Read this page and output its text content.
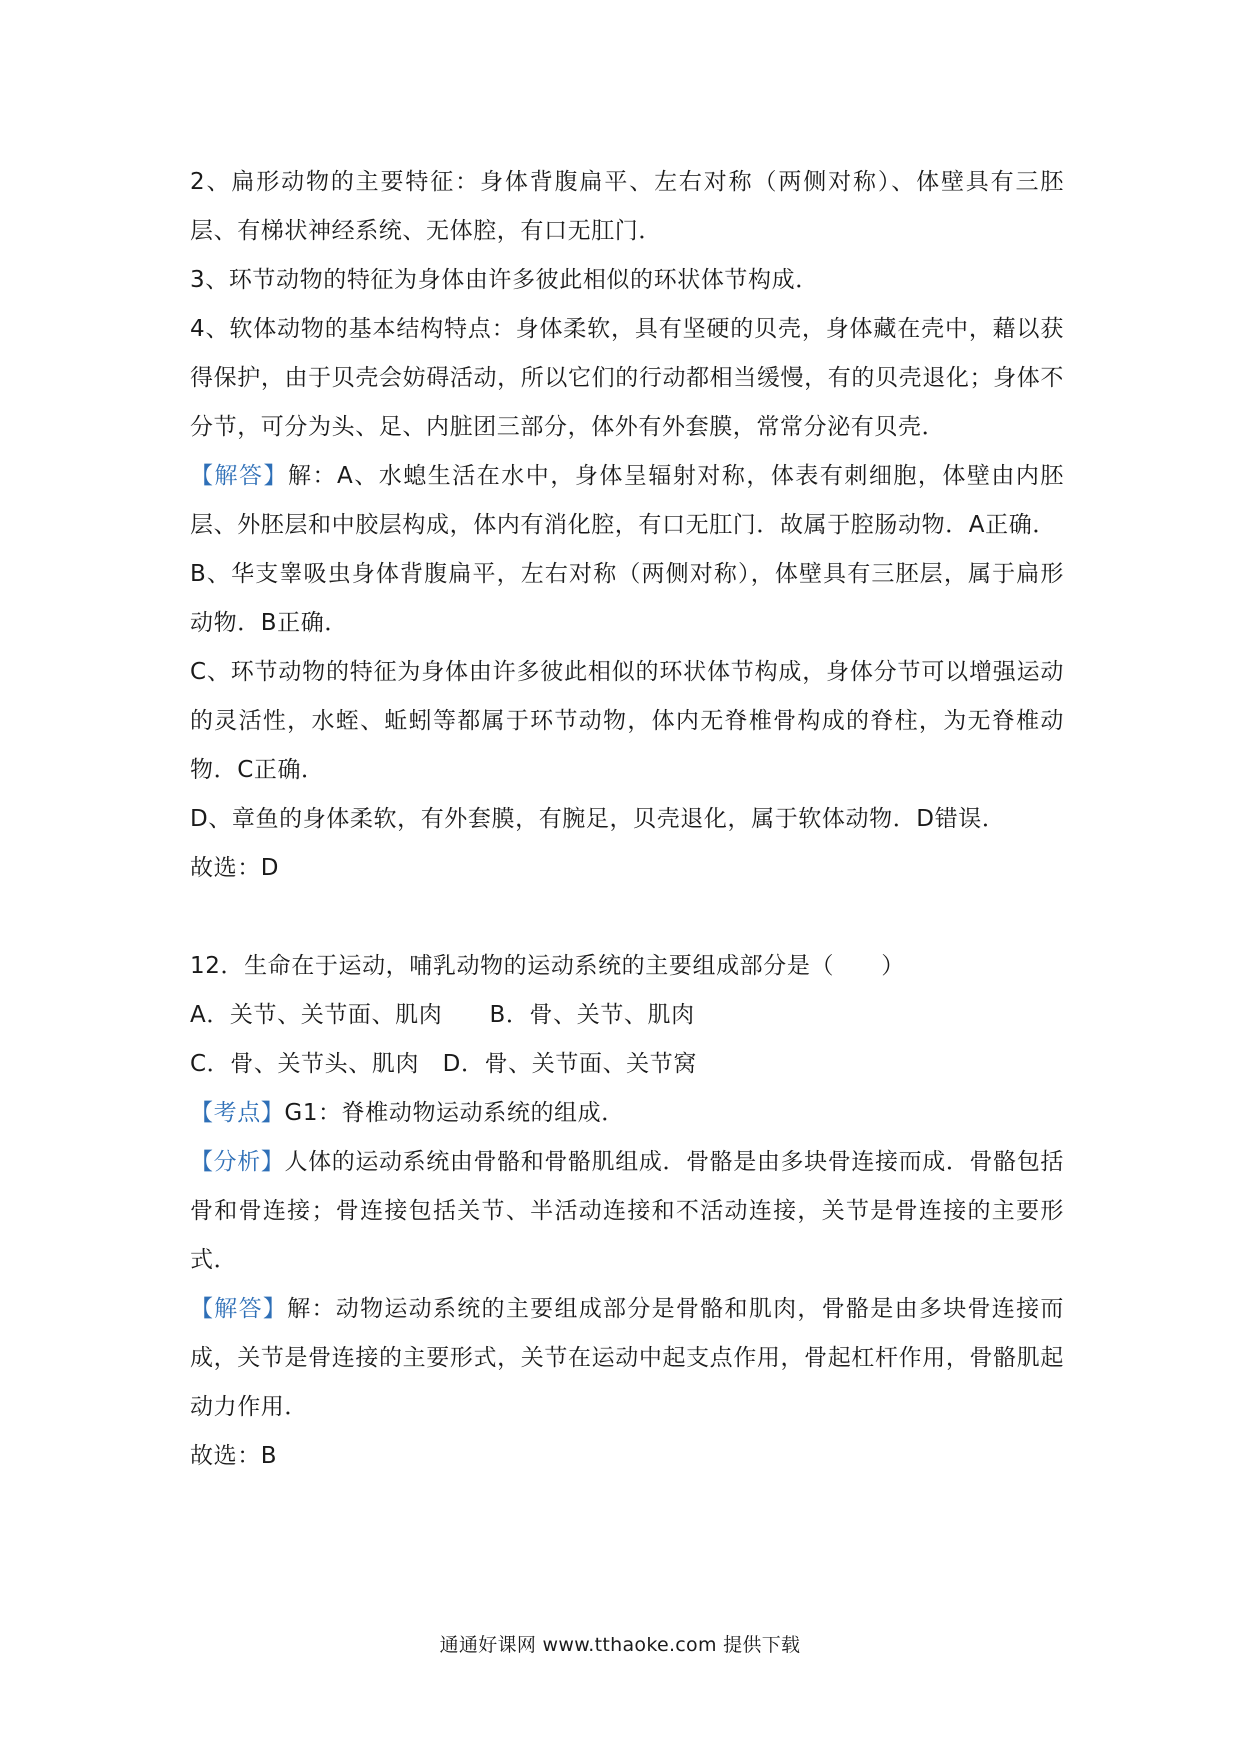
2、扁形动物的主要特征：身体背腹扁平、左右对称（两侧对称）、体壁具有三胚层、有梯状神经系统、无体腔，有口无肛门．

3、环节动物的特征为身体由许多彼此相似的环状体节构成．

4、软体动物的基本结构特点：身体柔软，具有坚硬的贝壳，身体藏在壳中，藉以获得保护，由于贝壳会妨碍活动，所以它们的行动都相当缓慢，有的贝壳退化；身体不分节，可分为头、足、内脏团三部分，体外有外套膜，常常分泌有贝壳．

【解答】解：A、水螅生活在水中，身体呈辐射对称，体表有刺细胞，体壁由内胚层、外胚层和中胶层构成，体内有消化腔，有口无肛门．故属于腔肠动物．A正确．

B、华支睾吸虫身体背腹扁平，左右对称（两侧对称），体壁具有三胚层，属于扁形动物．B正确．

C、环节动物的特征为身体由许多彼此相似的环状体节构成，身体分节可以增强运动的灵活性，水蛭、蚯蚓等都属于环节动物，体内无脊椎骨构成的脊柱，为无脊椎动物．C正确．

D、章鱼的身体柔软，有外套膜，有腕足，贝壳退化，属于软体动物．D错误．

故选：D

12．生命在于运动，哺乳动物的运动系统的主要组成部分是（　　）

A．关节、关节面、肌肉　　B．骨、关节、肌肉

C．骨、关节头、肌肉　D．骨、关节面、关节窝

【考点】G1：脊椎动物运动系统的组成．

【分析】人体的运动系统由骨骼和骨骼肌组成．骨骼是由多块骨连接而成．骨骼包括骨和骨连接；骨连接包括关节、半活动连接和不活动连接，关节是骨连接的主要形式．

【解答】解：动物运动系统的主要组成部分是骨骼和肌肉，骨骼是由多块骨连接而成，关节是骨连接的主要形式，关节在运动中起支点作用，骨起杠杆作用，骨骼肌起动力作用．

故选：B

通通好课网 www.tthaoke.com 提供下载
